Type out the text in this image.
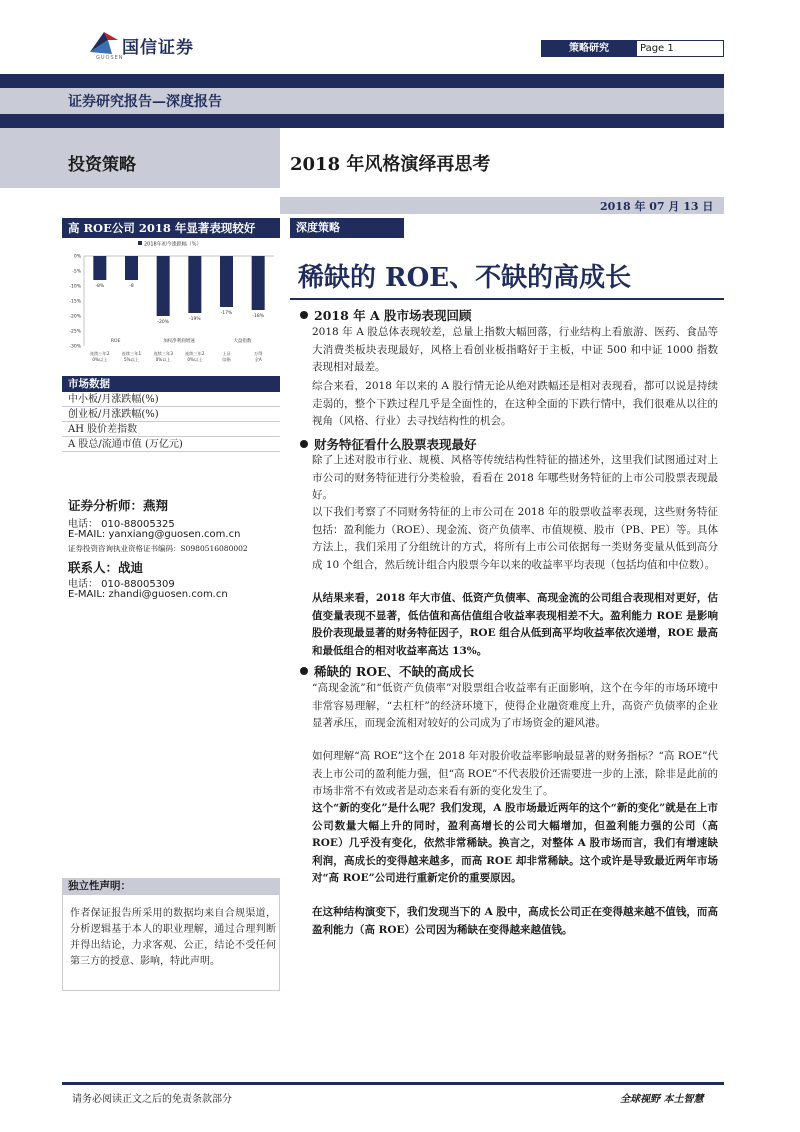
国信证券
GUOSEN
策略研究	Page 1
证券研究报告—深度报告
投资策略	2018 年风格演绎再思考
2018 年 07 月 13 日
高 ROE公司 2018 年显著表现较好
2018年初今涨跌幅（%）
0%
-5%
-10%
-15%
-20%
-25%
-30%
-8%
连续三年2
0%以上
-8
连续三年1
5%以上
-20%
连续三年3
0%以上
-19%
连续三年2
0%以上
-17%
上证
综指
-18%
万得
全A
ROE	加权净利润增速	大盘指数
市场数据
中小板/月涨跌幅(%)
创业板/月涨跌幅(%)
AH 股价差指数
A 股总/流通市值 (万亿元)
证券分析师：燕翔
电话： 010-88005325
E-MAIL: yanxiang@guosen.com.cn
证券投资咨询执业资格证书编码：S0980516080002
联系人：战迪
电话： 010-88005309
E-MAIL: zhandi@guosen.com.cn
独立性声明：
作者保证报告所采用的数据均来自合规渠道，分析逻辑基于本人的职业理解，通过合理判断并得出结论，力求客观、公正，结论不受任何第三方的授意、影响，特此声明。
深度策略
稀缺的 ROE、不缺的高成长
2018 年 A 股市场表现回顾
2018 年 A 股总体表现较差，总量上指数大幅回落，行业结构上看旅游、医药、食品等大消费类板块表现最好，风格上看创业板指略好于主板，中证 500 和中证 1000 指数表现相对最差。
综合来看，2018 年以来的 A 股行情无论从绝对跌幅还是相对表现看，都可以说是持续走弱的，整个下跌过程几乎是全面性的，在这种全面的下跌行情中，我们很难从以往的视角（风格、行业）去寻找结构性的机会。
财务特征看什么股票表现最好
除了上述对股市行业、规模、风格等传统结构性特征的描述外，这里我们试图通过对上市公司的财务特征进行分类检验，看看在 2018 年哪些财务特征的上市公司股票表现最好。
以下我们考察了不同财务特征的上市公司在 2018 年的股票收益率表现，这些财务特征包括：盈利能力（ROE）、现金流、资产负债率、市值规模、股市（PB、PE）等。具体方法上，我们采用了分组统计的方式，将所有上市公司依据每一类财务变量从低到高分成 10 个组合，然后统计组合内股票今年以来的收益率平均表现（包括均值和中位数）。
从结果来看，2018 年大市值、低资产负债率、高现金流的公司组合表现相对更好，估值变量表现不显著，低估值和高估值组合收益率表现相差不大。盈利能力 ROE 是影响股价表现最显著的财务特征因子，ROE 组合从低到高平均收益率依次递增，ROE 最高和最低组合的相对收益率高达 13%。
稀缺的 ROE、不缺的高成长
“高现金流”和“低资产负债率”对股票组合收益率有正面影响，这个在今年的市场环境中非常容易理解，“去杠杆”的经济环境下，使得企业融资难度上升，高资产负债率的企业显著承压，而现金流相对较好的公司成为了市场资金的避风港。
如何理解“高 ROE”这个在 2018 年对股价收益率影响最显著的财务指标？“高 ROE”代表上市公司的盈利能力强，但“高 ROE”不代表股价还需要进一步的上涨，除非是此前的市场非常不有效或者是动态来看有新的变化发生了。
这个“新的变化”是什么呢？我们发现，A 股市场最近两年的这个“新的变化”就是在上市公司数量大幅上升的同时，盈利高增长的公司大幅增加，但盈利能力强的公司（高 ROE）几乎没有变化，依然非常稀缺。换言之，对整体 A 股市场而言，我们有增速缺利润，高成长的变得越来越多，而高 ROE 却非常稀缺。这个或许是导致最近两年市场对“高 ROE”公司进行重新定价的重要原因。
在这种结构演变下，我们发现当下的 A 股中，高成长公司正在变得越来越不值钱，而高盈利能力（高 ROE）公司因为稀缺在变得越来越值钱。
请务必阅读正文之后的免责条款部分	全球视野 本土智慧
